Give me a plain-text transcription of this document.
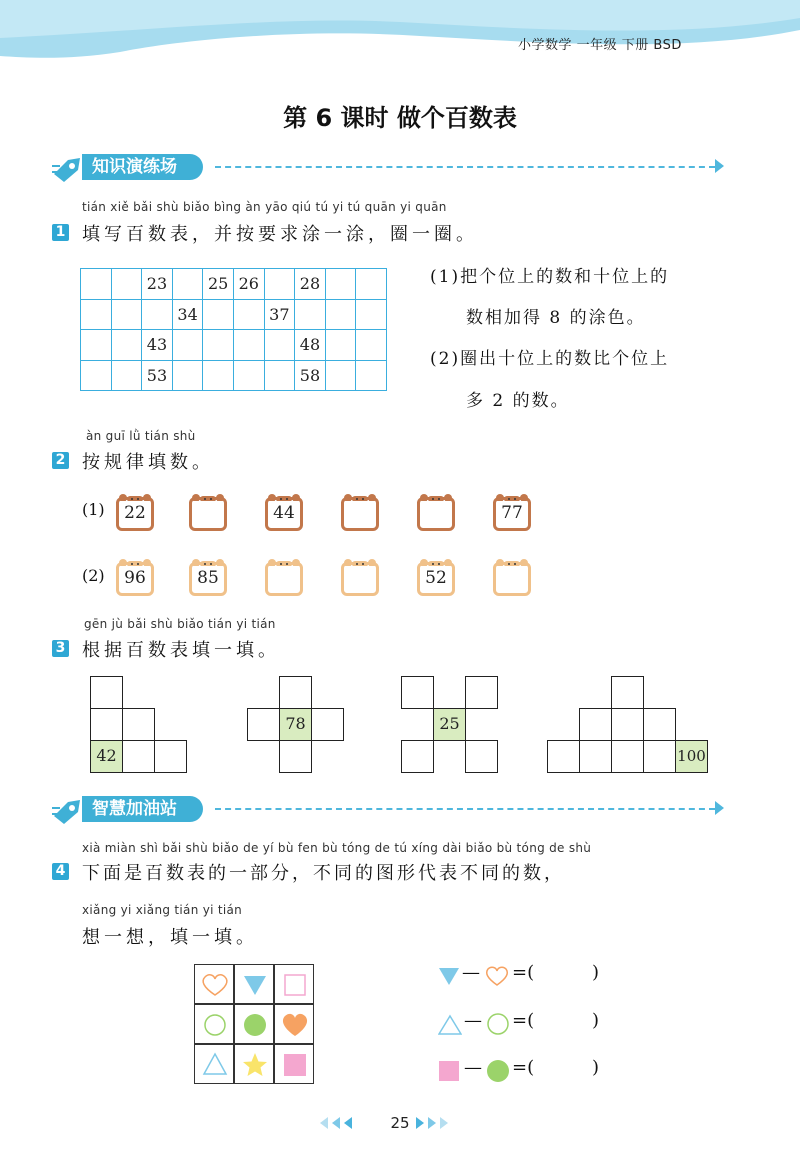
小学数学 一年级 下册 BSD
第 6 课时 做个百数表
知识演练场
tián xiě bǎi shù biǎo bìng àn yāo qiú tú yi tú quān yi quān
1 填写百数表，并按要求涂一涂，圈一圈。
		23		25	26		28		
			34			37			
		43					48		
		53					58		
(1)把个位上的数和十位上的
数相加得 8 的涂色。
(2)圈出十位上的数比个位上
多 2 的数。
àn guī lǜ tián shù
2 按规律填数。
(1)	22	44	77
(2)	96	85	52
gēn jù bǎi shù biǎo tián yi tián
3 根据百数表填一填。
42
78	25
100
智慧加油站
xià miàn shì bǎi shù biǎo de yí bù fen bù tóng de tú xíng dài biǎo bù tóng de shù
4 下面是百数表的一部分，不同的图形代表不同的数，
xiǎng yi xiǎng tián yi tián
想一想，填一填。
— =(	)
— =(	)
— =(	)
25
